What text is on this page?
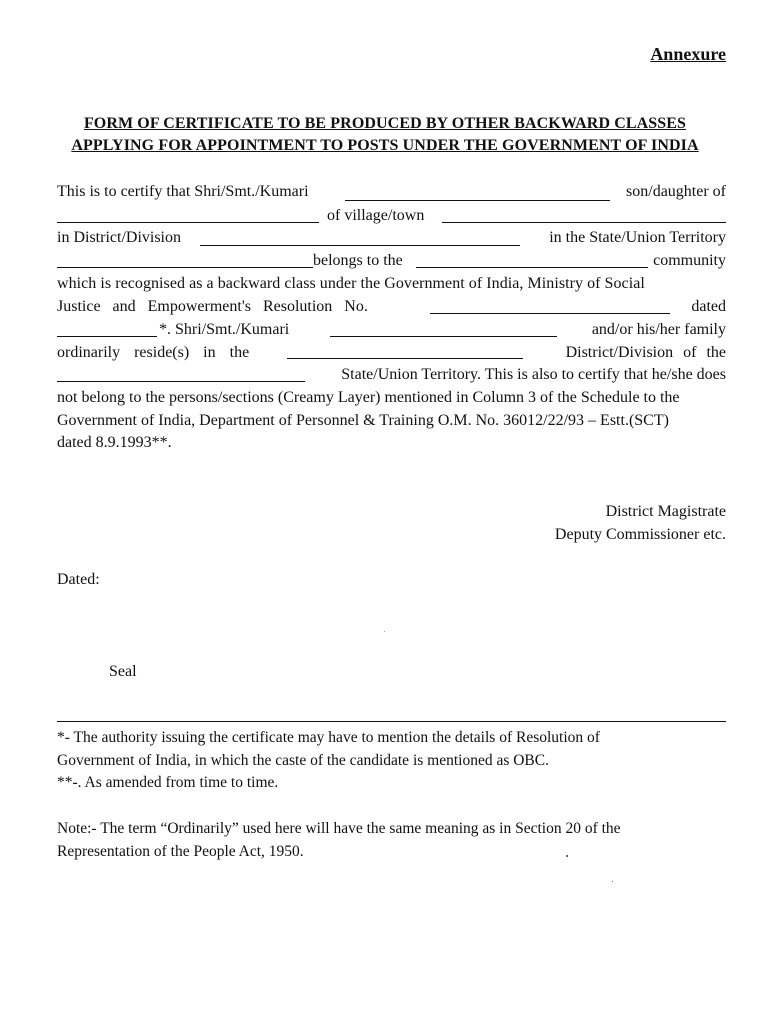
Annexure
FORM OF CERTIFICATE TO BE PRODUCED BY OTHER BACKWARD CLASSES
APPLYING FOR APPOINTMENT TO POSTS UNDER THE GOVERNMENT OF INDIA
This is to certify that Shri/Smt./Kumari	son/daughter of
of village/town
in District/Division	in the State/Union Territory
belongs to the	community
which is recognised as a backward class under the Government of India, Ministry of Social
Justice and Empowerment's Resolution No.	dated
*. Shri/Smt./Kumari	and/or his/her family
ordinarily reside(s) in the	District/Division of the
State/Union Territory. This is also to certify that he/she does
not belong to the persons/sections (Creamy Layer) mentioned in Column 3 of the Schedule to the
Government of India, Department of Personnel & Training O.M. No. 36012/22/93 – Estt.(SCT)
dated 8.9.1993**.
District Magistrate
Deputy Commissioner etc.
Dated:
Seal
*- The authority issuing the certificate may have to mention the details of Resolution of
Government of India, in which the caste of the candidate is mentioned as OBC.
**-. As amended from time to time.
Note:- The term “Ordinarily” used here will have the same meaning as in Section 20 of the
Representation of the People Act, 1950.
